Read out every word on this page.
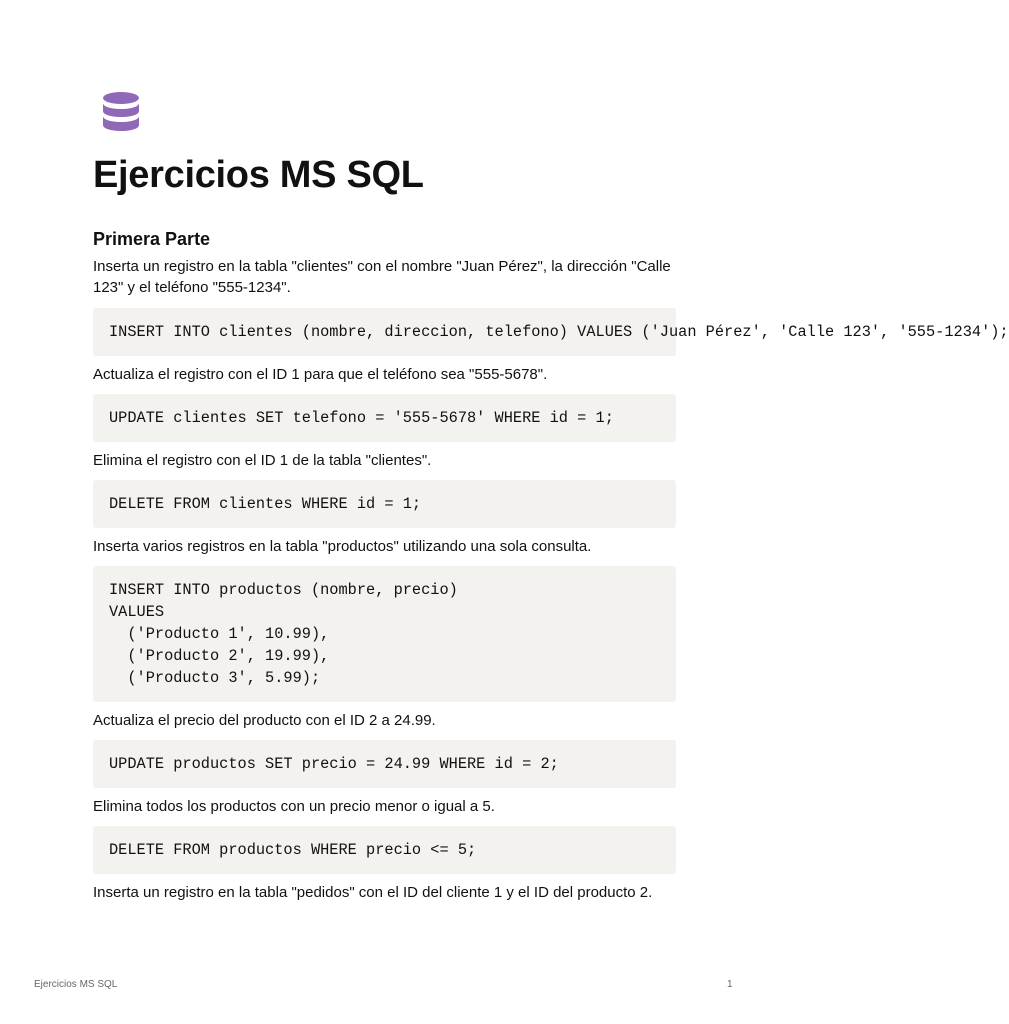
Ejercicios MS SQL
Primera Parte

Inserta un registro en la tabla "clientes" con el nombre "Juan Pérez", la dirección "Calle 123" y el teléfono "555-1234".

INSERT INTO clientes (nombre, direccion, telefono) VALUES ('Juan Pérez', 'Calle 123', '555-1234');

Actualiza el registro con el ID 1 para que el teléfono sea "555-5678".

UPDATE clientes SET telefono = '555-5678' WHERE id = 1;

Elimina el registro con el ID 1 de la tabla "clientes".

DELETE FROM clientes WHERE id = 1;

Inserta varios registros en la tabla "productos" utilizando una sola consulta.

INSERT INTO productos (nombre, precio)
VALUES
('Producto 1', 10.99),
('Producto 2', 19.99),
('Producto 3', 5.99);

Actualiza el precio del producto con el ID 2 a 24.99.

UPDATE productos SET precio = 24.99 WHERE id = 2;

Elimina todos los productos con un precio menor o igual a 5.

DELETE FROM productos WHERE precio <= 5;

Inserta un registro en la tabla "pedidos" con el ID del cliente 1 y el ID del producto 2.

Ejercicios MS SQL	1
